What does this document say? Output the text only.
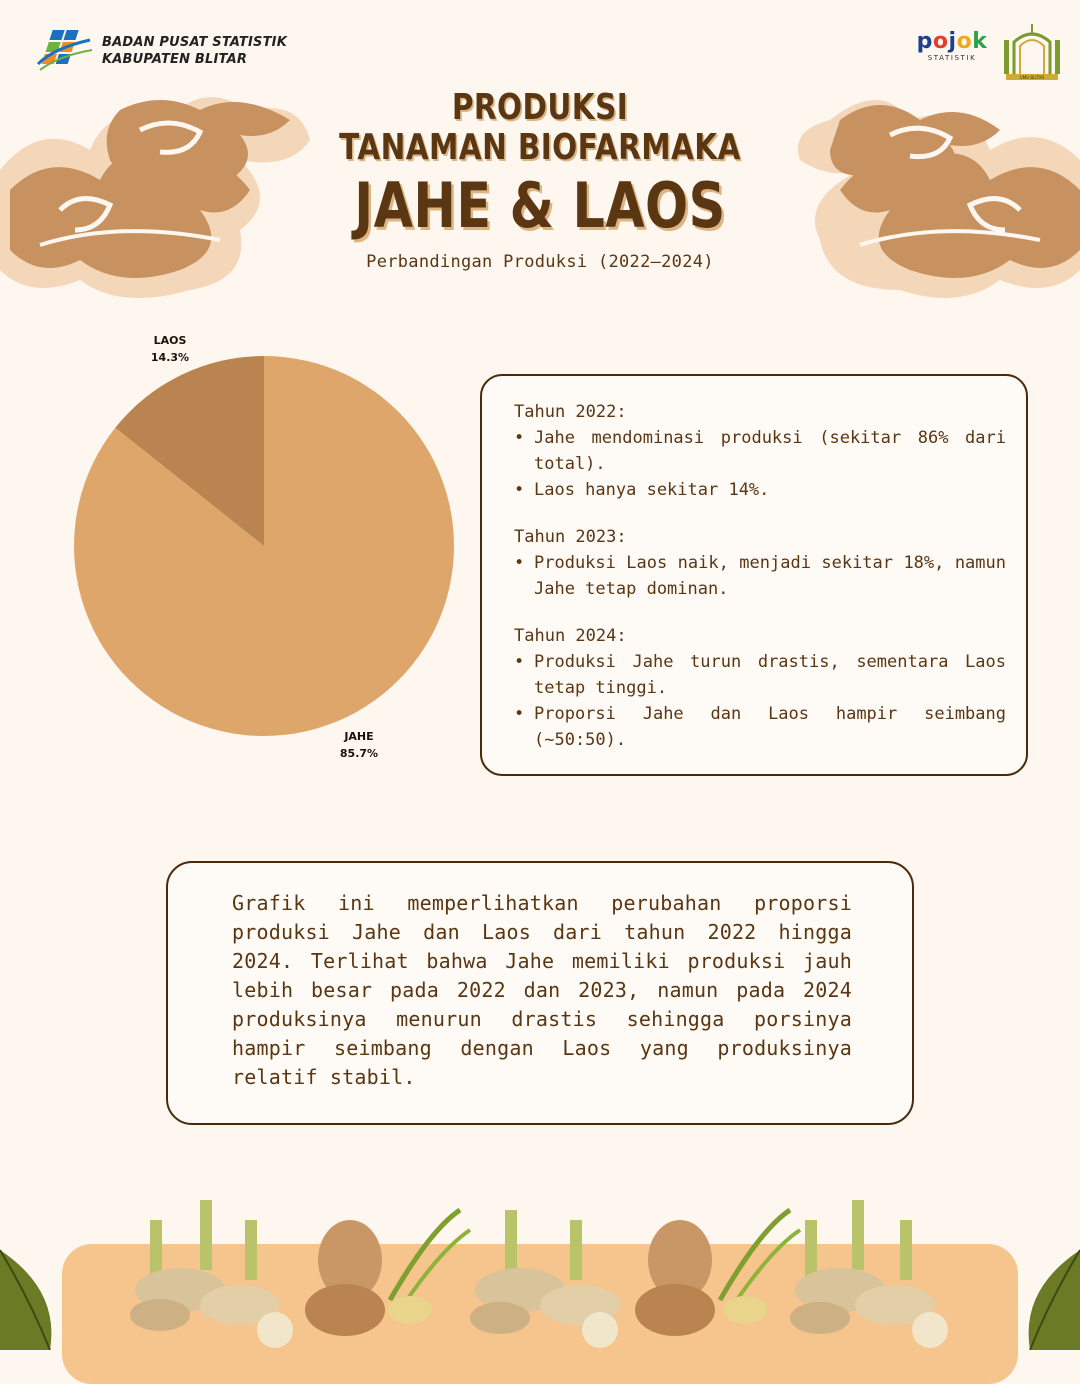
BADAN PUSAT STATISTIK
KABUPATEN BLITAR
pojok
STATISTIK
UMU BLITAR
PRODUKSI
TANAMAN BIOFARMAKA
JAHE & LAOS
Perbandingan Produksi (2022–2024)
JAHE
85.7%
LAOS
14.3%
Tahun 2022:
• Jahe mendominasi produksi (sekitar 86% dari total).
• Laos hanya sekitar 14%.
Tahun 2023:
• Produksi Laos naik, menjadi sekitar 18%, namun Jahe tetap dominan.
Tahun 2024:
• Produksi Jahe turun drastis, sementara Laos tetap tinggi.
• Proporsi Jahe dan Laos hampir seimbang (~50:50).
Grafik ini memperlihatkan perubahan proporsi produksi Jahe dan Laos dari tahun 2022 hingga 2024. Terlihat bahwa Jahe memiliki produksi jauh lebih besar pada 2022 dan 2023, namun pada 2024 produksinya menurun drastis sehingga porsinya hampir seimbang dengan Laos yang produksinya relatif stabil.
